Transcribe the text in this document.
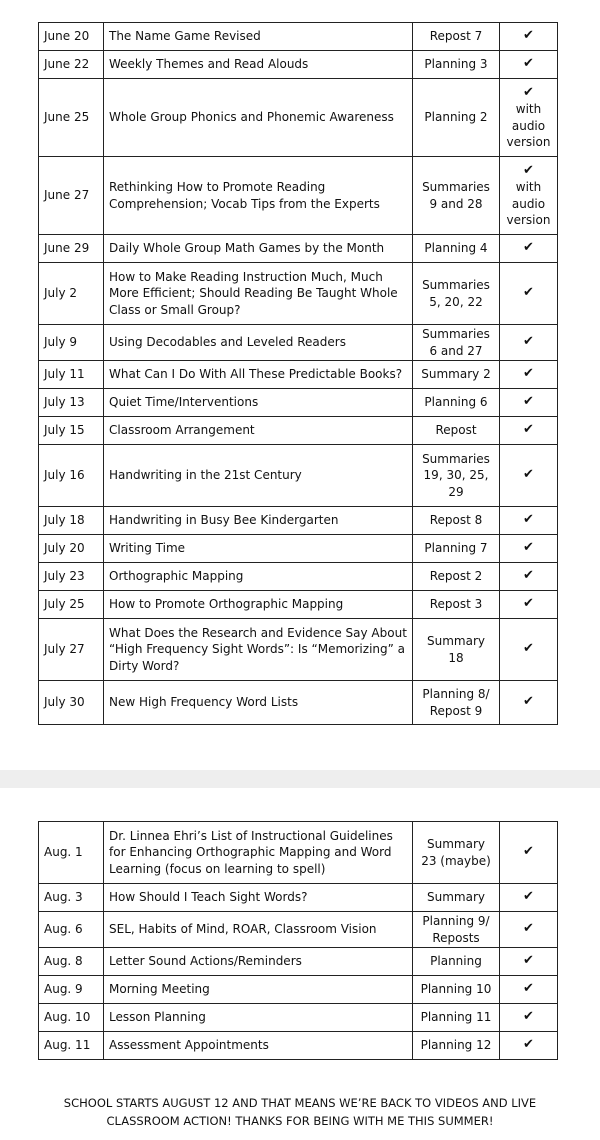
June 20	The Name Game Revised	Repost 7	✔

June 22	Weekly Themes and Read Alouds	Planning 3	✔

June 25	Whole Group Phonics and Phonemic Awareness	Planning 2	✔
with audio version

June 27	Rethinking How to Promote Reading Comprehension; Vocab Tips from the Experts	Summaries 9 and 28	✔
with audio version

June 29	Daily Whole Group Math Games by the Month	Planning 4	✔

July 2	How to Make Reading Instruction Much, Much More Efficient; Should Reading Be Taught Whole Class or Small Group?	Summaries 5, 20, 22	✔

July 9	Using Decodables and Leveled Readers	Summaries 6 and 27	✔

July 11	What Can I Do With All These Predictable Books?	Summary 2	✔

July 13	Quiet Time/Interventions	Planning 6	✔

July 15	Classroom Arrangement	Repost	✔

July 16	Handwriting in the 21st Century	Summaries 19, 30, 25, 29	✔

July 18	Handwriting in Busy Bee Kindergarten	Repost 8	✔

July 20	Writing Time	Planning 7	✔

July 23	Orthographic Mapping	Repost 2	✔

July 25	How to Promote Orthographic Mapping	Repost 3	✔

July 27	What Does the Research and Evidence Say About “High Frequency Sight Words”: Is “Memorizing” a Dirty Word?	Summary 18	✔

July 30	New High Frequency Word Lists	Planning 8/ Repost 9	✔
Aug. 1	Dr. Linnea Ehri’s List of Instructional Guidelines for Enhancing Orthographic Mapping and Word Learning (focus on learning to spell)	Summary 23 (maybe)	✔

Aug. 3	How Should I Teach Sight Words?	Summary	✔

Aug. 6	SEL, Habits of Mind, ROAR, Classroom Vision	Planning 9/ Reposts	✔

Aug. 8	Letter Sound Actions/Reminders	Planning	✔

Aug. 9	Morning Meeting	Planning 10	✔

Aug. 10	Lesson Planning	Planning 11	✔

Aug. 11	Assessment Appointments	Planning 12	✔
SCHOOL STARTS AUGUST 12 AND THAT MEANS WE’RE BACK TO VIDEOS AND LIVE CLASSROOM ACTION! THANKS FOR BEING WITH ME THIS SUMMER!
